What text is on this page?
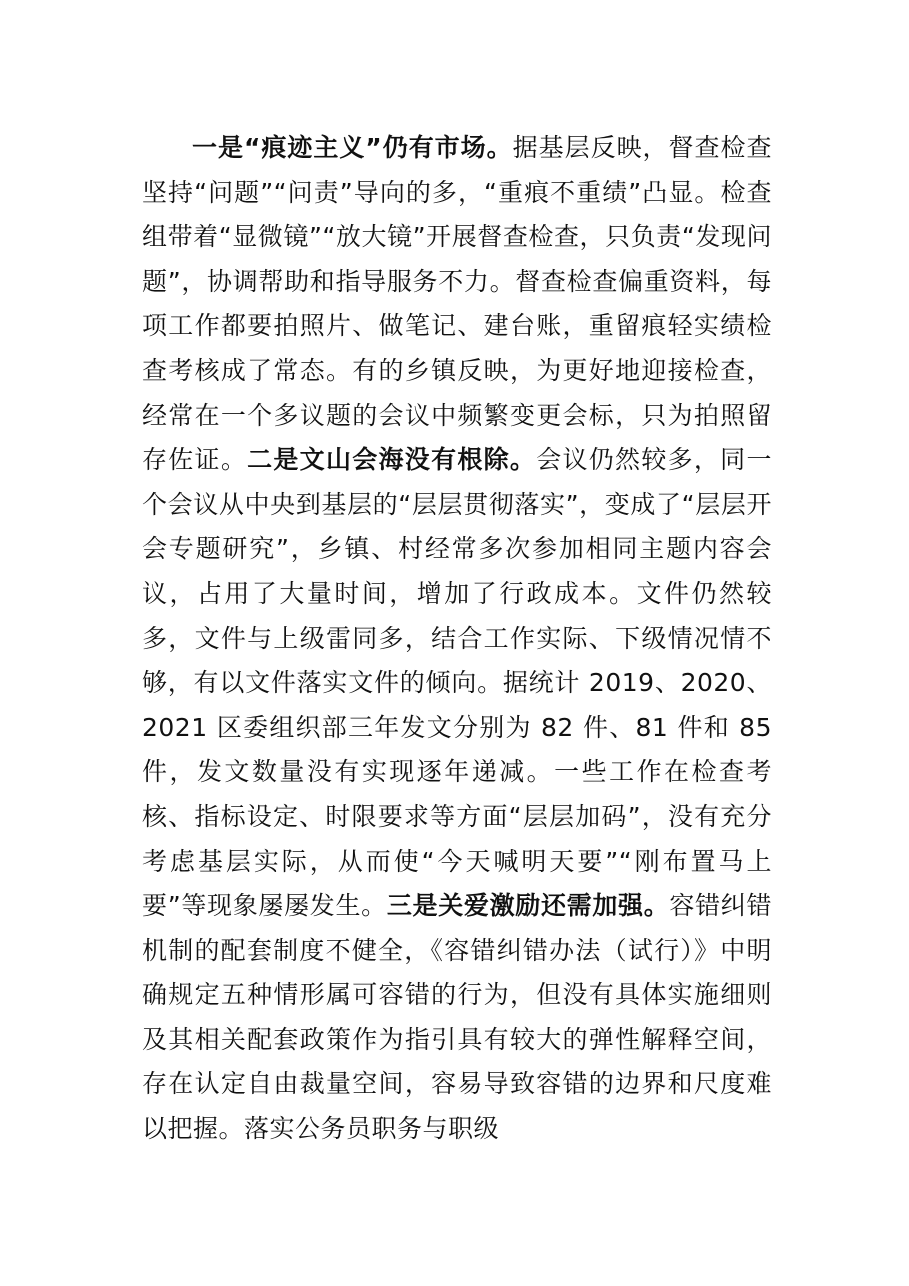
一是“痕迹主义”仍有市场。据基层反映，督查检查坚持“问题”“问责”导向的多，“重痕不重绩”凸显。检查组带着“显微镜”“放大镜”开展督查检查，只负责“发现问题”，协调帮助和指导服务不力。督查检查偏重资料，每项工作都要拍照片、做笔记、建台账，重留痕轻实绩检查考核成了常态。有的乡镇反映，为更好地迎接检查，经常在一个多议题的会议中频繁变更会标，只为拍照留存佐证。二是文山会海没有根除。会议仍然较多，同一个会议从中央到基层的“层层贯彻落实”，变成了“层层开会专题研究”，乡镇、村经常多次参加相同主题内容会议，占用了大量时间，增加了行政成本。文件仍然较多，文件与上级雷同多，结合工作实际、下级情况情不够，有以文件落实文件的倾向。据统计 2019、2020、2021 区委组织部三年发文分别为 82 件、81 件和 85 件，发文数量没有实现逐年递减。一些工作在检查考核、指标设定、时限要求等方面“层层加码”，没有充分考虑基层实际，从而使“今天喊明天要”“刚布置马上要”等现象屡屡发生。三是关爱激励还需加强。容错纠错机制的配套制度不健全，《容错纠错办法（试行）》中明确规定五种情形属可容错的行为，但没有具体实施细则及其相关配套政策作为指引具有较大的弹性解释空间，存在认定自由裁量空间，容易导致容错的边界和尺度难以把握。落实公务员职务与职级
